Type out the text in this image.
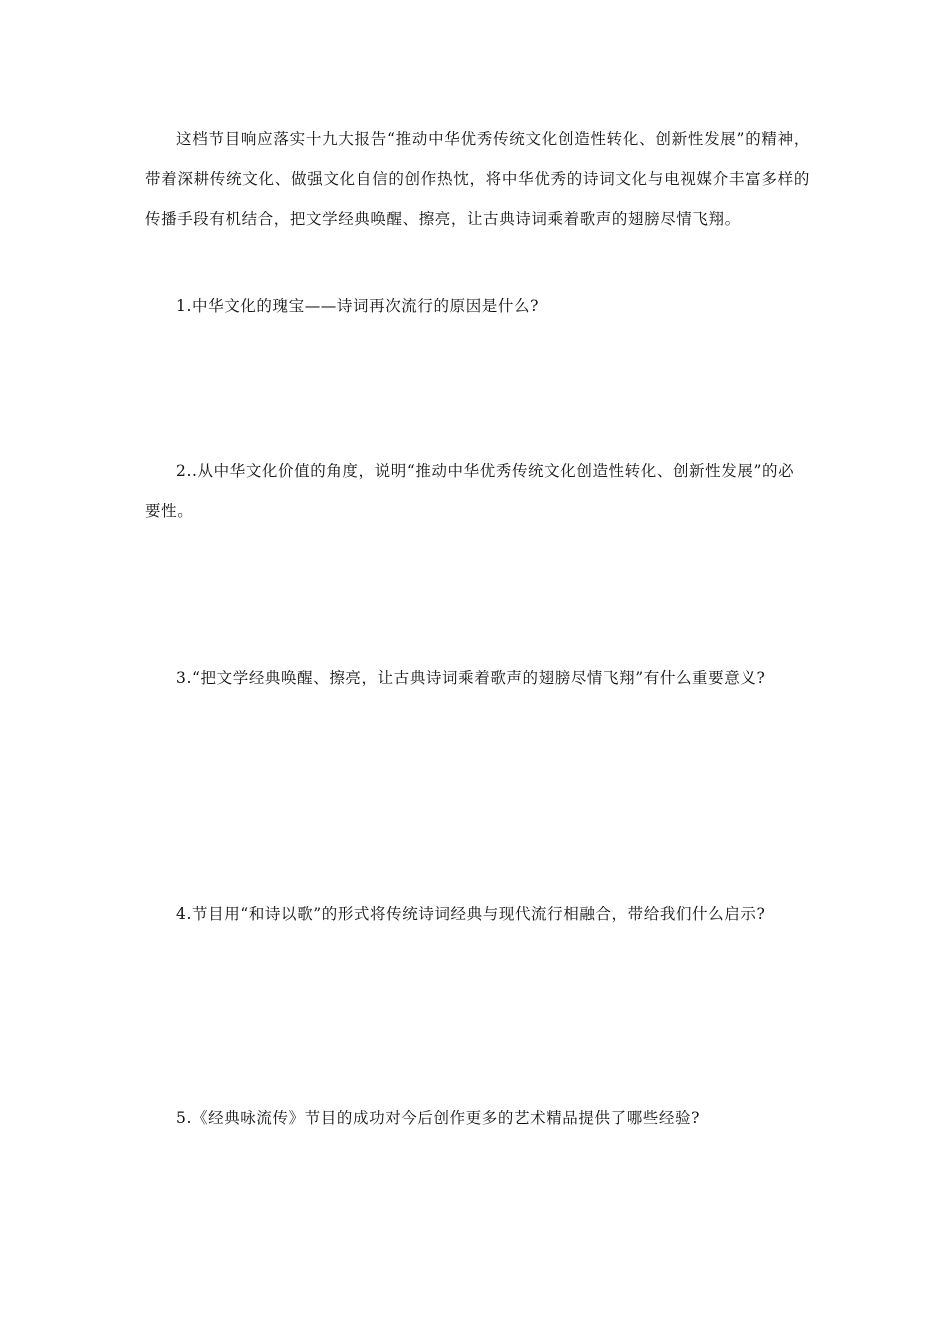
这档节目响应落实十九大报告“推动中华优秀传统文化创造性转化、创新性发展”的精神，带着深耕传统文化、做强文化自信的创作热忱，将中华优秀的诗词文化与电视媒介丰富多样的传播手段有机结合，把文学经典唤醒、擦亮，让古典诗词乘着歌声的翅膀尽情飞翔。

1.中华文化的瑰宝——诗词再次流行的原因是什么?

2..从中华文化价值的角度，说明“推动中华优秀传统文化创造性转化、创新性发展”的必要性。

3.“把文学经典唤醒、擦亮，让古典诗词乘着歌声的翅膀尽情飞翔”有什么重要意义?

4.节目用“和诗以歌”的形式将传统诗词经典与现代流行相融合，带给我们什么启示?

5.《经典咏流传》节目的成功对今后创作更多的艺术精品提供了哪些经验?
